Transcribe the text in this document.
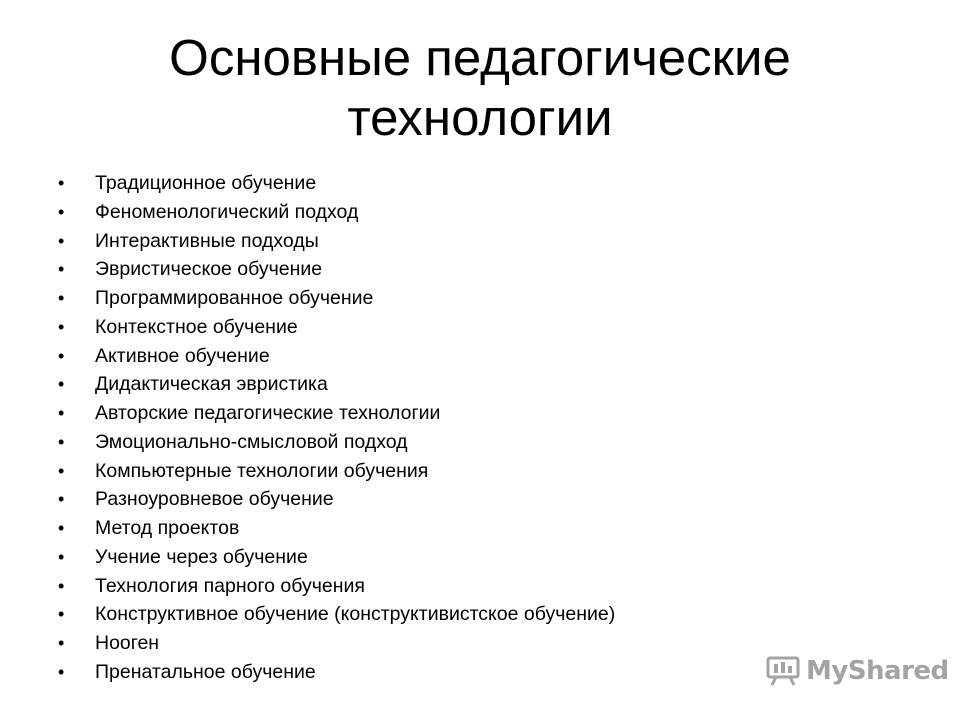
Основные педагогические
технологии
•	Традиционное обучение
•	Феноменологический подход
•	Интерактивные подходы
•	Эвристическое обучение
•	Программированное обучение
•	Контекстное обучение
•	Активное обучение
•	Дидактическая эвристика
•	Авторские педагогические технологии
•	Эмоционально-смысловой подход
•	Компьютерные технологии обучения
•	Разноуровневое обучение
•	Метод проектов
•	Учение через обучение
•	Технология парного обучения
•	Конструктивное обучение (конструктивистское обучение)
•	Нооген
•	Пренатальное обучение	MyShared
